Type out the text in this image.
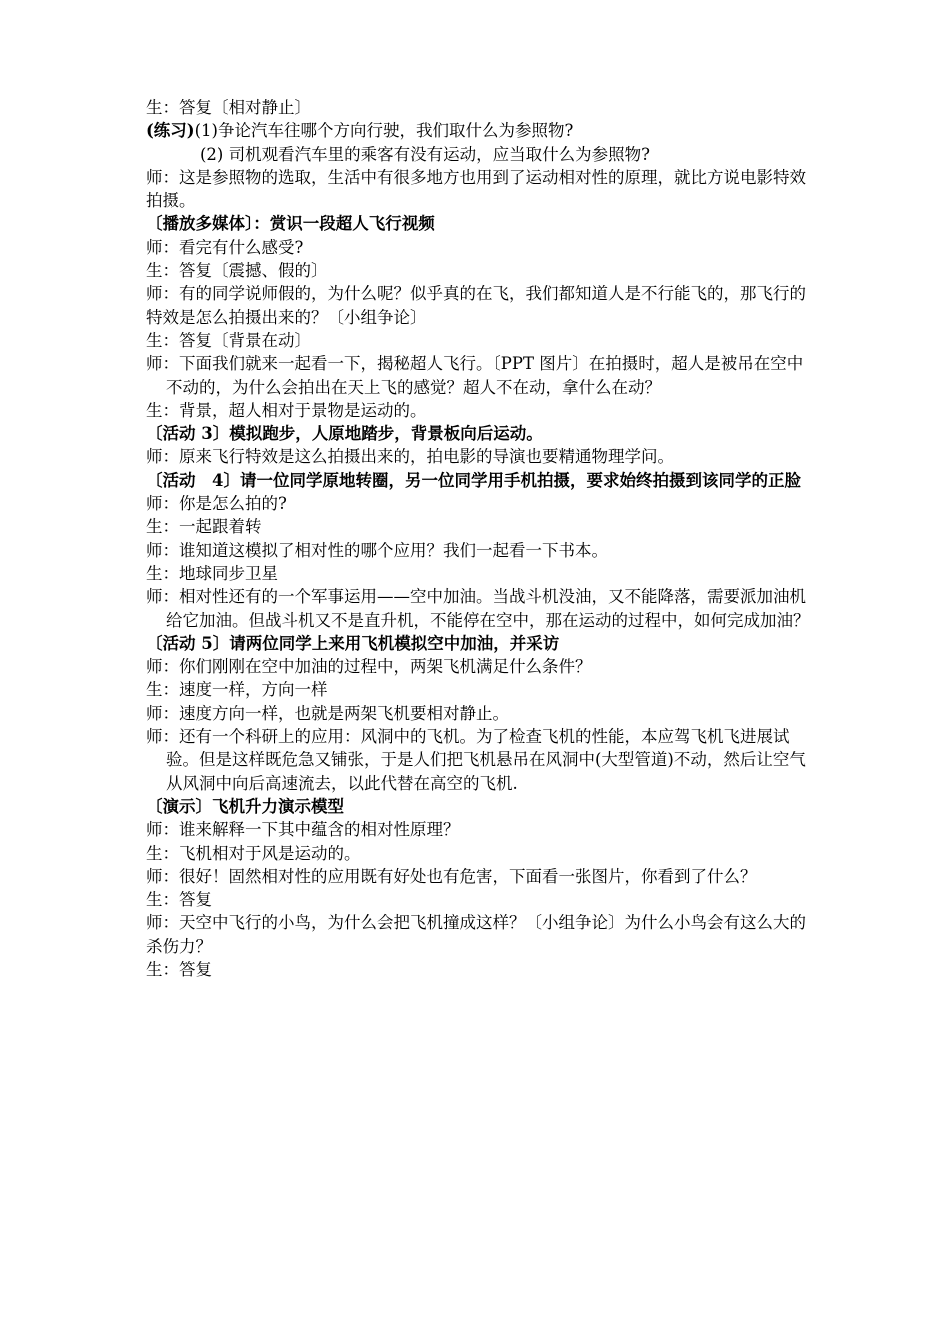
生：答复〔相对静止〕

(练习)(1)争论汽车往哪个方向行驶，我们取什么为参照物?

(2) 司机观看汽车里的乘客有没有运动，应当取什么为参照物?

师：这是参照物的选取，生活中有很多地方也用到了运动相对性的原理，就比方说电影特效拍摄。

〔播放多媒体〕：赏识一段超人飞行视频

师：看完有什么感受?

生：答复〔震撼、假的〕

师：有的同学说师假的，为什么呢？似乎真的在飞，我们都知道人是不行能飞的，那飞行的特效是怎么拍摄出来的？〔小组争论〕

生：答复〔背景在动〕

师：下面我们就来一起看一下，揭秘超人飞行。〔PPT 图片〕在拍摄时，超人是被吊在空中不动的，为什么会拍出在天上飞的感觉？超人不在动，拿什么在动？

生：背景，超人相对于景物是运动的。

〔活动 3〕模拟跑步，人原地踏步，背景板向后运动。

师：原来飞行特效是这么拍摄出来的，拍电影的导演也要精通物理学问。

〔活动　4〕请一位同学原地转圈，另一位同学用手机拍摄，要求始终拍摄到该同学的正脸

师：你是怎么拍的?

生：一起跟着转

师：谁知道这模拟了相对性的哪个应用？我们一起看一下书本。

生：地球同步卫星

师：相对性还有的一个军事运用——空中加油。当战斗机没油，又不能降落，需要派加油机给它加油。但战斗机又不是直升机，不能停在空中，那在运动的过程中，如何完成加油？

〔活动 5〕请两位同学上来用飞机模拟空中加油，并采访

师：你们刚刚在空中加油的过程中，两架飞机满足什么条件？

生：速度一样，方向一样

师：速度方向一样，也就是两架飞机要相对静止。

师：还有一个科研上的应用：风洞中的飞机。为了检查飞机的性能，本应驾飞机飞进展试验。但是这样既危急又铺张，于是人们把飞机悬吊在风洞中(大型管道)不动，然后让空气从风洞中向后高速流去，以此代替在高空的飞机.

〔演示〕飞机升力演示模型

师：谁来解释一下其中蕴含的相对性原理？

生：飞机相对于风是运动的。

师：很好！固然相对性的应用既有好处也有危害，下面看一张图片，你看到了什么？

生：答复

师：天空中飞行的小鸟，为什么会把飞机撞成这样？〔小组争论〕为什么小鸟会有这么大的杀伤力？

生：答复
